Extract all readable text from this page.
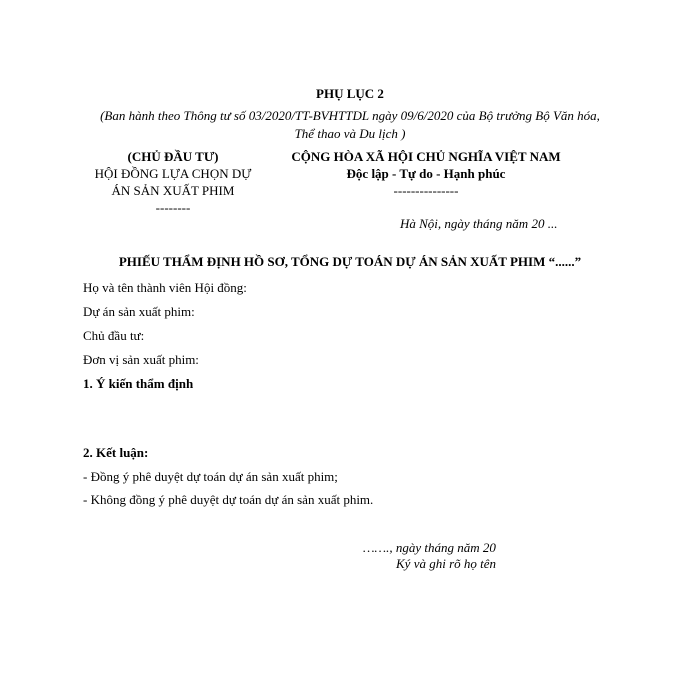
PHỤ LỤC 2
(Ban hành theo Thông tư số 03/2020/TT-BVHTTDL ngày 09/6/2020 của Bộ trưởng Bộ Văn hóa,
Thể thao và Du lịch )
(CHỦ ĐẦU TƯ)
HỘI ĐỒNG LỰA CHỌN DỰ
ÁN SẢN XUẤT PHIM
--------
CỘNG HÒA XÃ HỘI CHỦ NGHĨA VIỆT NAM
Độc lập - Tự do - Hạnh phúc
---------------
Hà Nội, ngày tháng năm 20 ...
PHIẾU THẨM ĐỊNH HỒ SƠ, TỔNG DỰ TOÁN DỰ ÁN SẢN XUẤT PHIM “......”
Họ và tên thành viên Hội đồng:
Dự án sản xuất phim:
Chủ đầu tư:
Đơn vị sản xuất phim:
1. Ý kiến thẩm định
2. Kết luận:
- Đồng ý phê duyệt dự toán dự án sản xuất phim;
- Không đồng ý phê duyệt dự toán dự án sản xuất phim.
……., ngày tháng năm 20
Ký và ghi rõ họ tên
